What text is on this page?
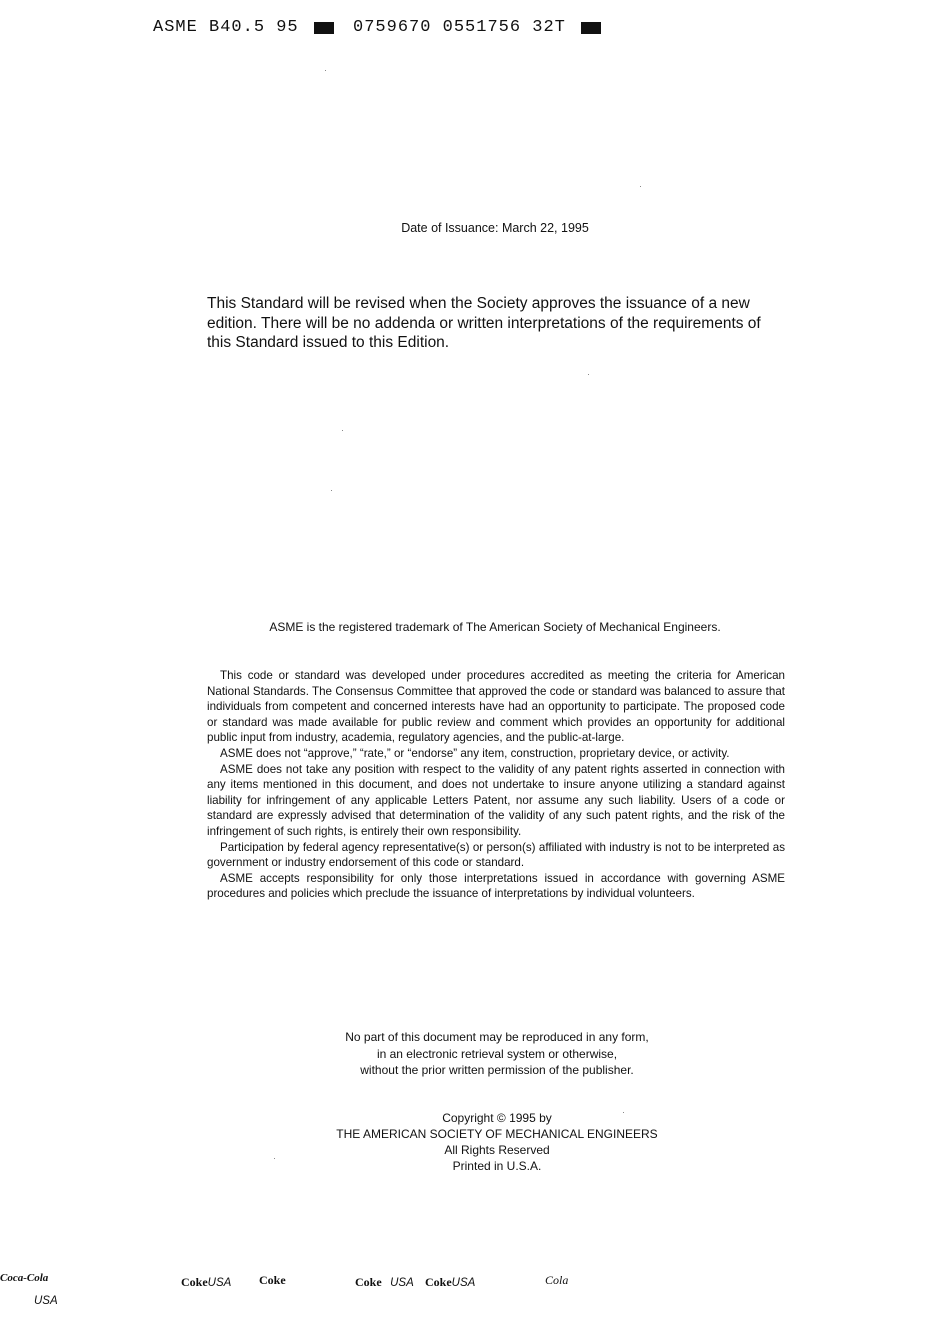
ASME B40.5 95	0759670 0551756 32T
Date of Issuance: March 22, 1995
This Standard will be revised when the Society approves the issuance of a new edition. There will be no addenda or written interpretations of the requirements of this Standard issued to this Edition.
ASME is the registered trademark of The American Society of Mechanical Engineers.

This code or standard was developed under procedures accredited as meeting the criteria for American National Standards. The Consensus Committee that approved the code or standard was balanced to assure that individuals from competent and concerned interests have had an opportunity to participate. The proposed code or standard was made available for public review and comment which provides an opportunity for additional public input from industry, academia, regulatory agencies, and the public-at-large.

ASME does not “approve,” “rate,” or “endorse” any item, construction, proprietary device, or activity.

ASME does not take any position with respect to the validity of any patent rights asserted in connection with any items mentioned in this document, and does not undertake to insure anyone utilizing a standard against liability for infringement of any applicable Letters Patent, nor assume any such liability. Users of a code or standard are expressly advised that determination of the validity of any such patent rights, and the risk of the infringement of such rights, is entirely their own responsibility.

Participation by federal agency representative(s) or person(s) affiliated with industry is not to be interpreted as government or industry endorsement of this code or standard.

ASME accepts responsibility for only those interpretations issued in accordance with governing ASME procedures and policies which preclude the issuance of interpretations by individual volunteers.

No part of this document may be reproduced in any form,
in an electronic retrieval system or otherwise,
without the prior written permission of the publisher.
Copyright © 1995 by
THE AMERICAN SOCIETY OF MECHANICAL ENGINEERS
All Rights Reserved
Printed in U.S.A.
Coca-Cola
USA
CokeUSA Coke	Coke USA CokeUSA	Cola
